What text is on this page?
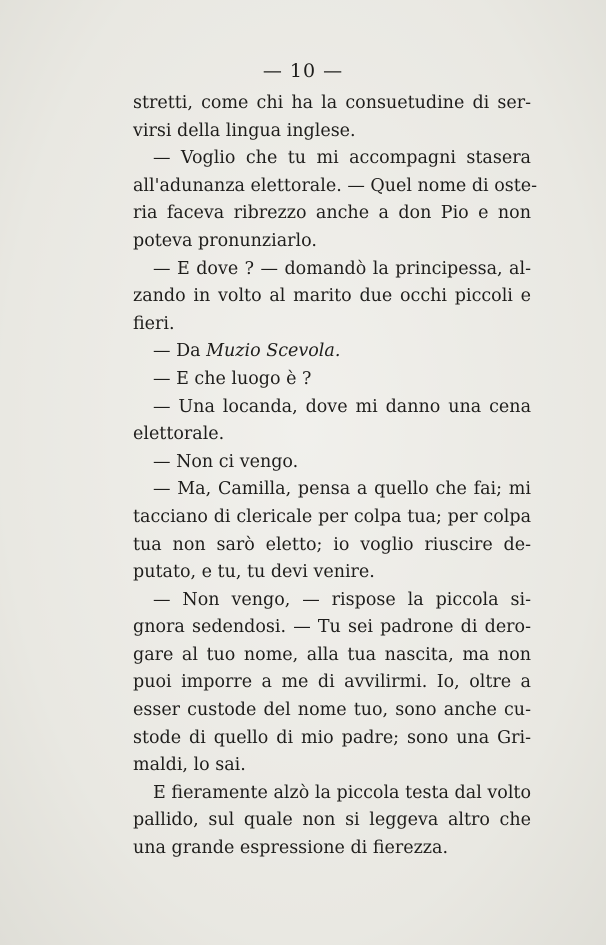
— 10 —
stretti, come chi ha la consuetudine di ser-
virsi della lingua inglese.
— Voglio che tu mi accompagni stasera
all'adunanza elettorale. — Quel nome di oste-
ria faceva ribrezzo anche a don Pio e non
poteva pronunziarlo.
— E dove ? — domandò la principessa, al-
zando in volto al marito due occhi piccoli e
fieri.
— Da Muzio Scevola.
— E che luogo è ?
— Una locanda, dove mi danno una cena
elettorale.
— Non ci vengo.
— Ma, Camilla, pensa a quello che fai; mi
tacciano di clericale per colpa tua; per colpa
tua non sarò eletto; io voglio riuscire de-
putato, e tu, tu devi venire.
— Non vengo, — rispose la piccola si-
gnora sedendosi. — Tu sei padrone di dero-
gare al tuo nome, alla tua nascita, ma non
puoi imporre a me di avvilirmi. Io, oltre a
esser custode del nome tuo, sono anche cu-
stode di quello di mio padre; sono una Gri-
maldi, lo sai.
E fieramente alzò la piccola testa dal volto
pallido, sul quale non si leggeva altro che
una grande espressione di fierezza.
